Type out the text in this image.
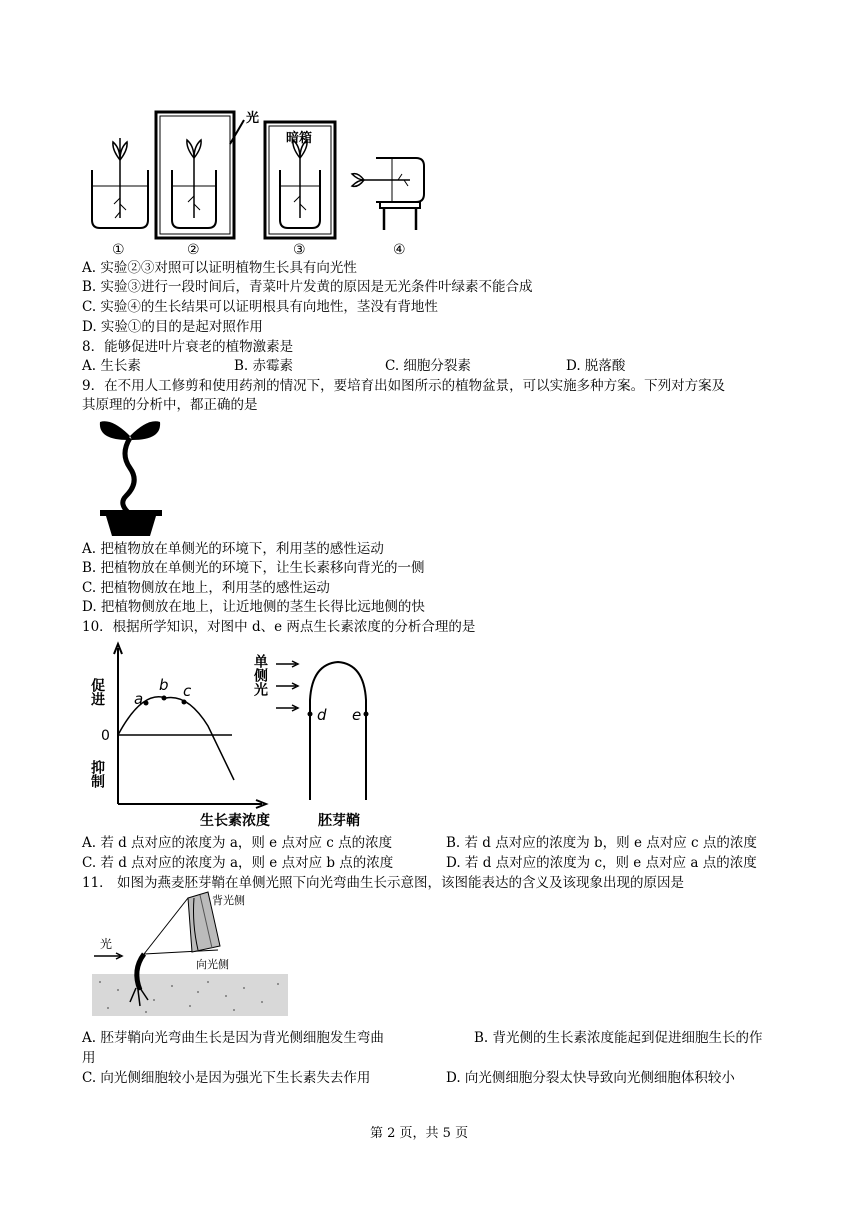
光
暗箱
①	②	③	④
A. 实验②③对照可以证明植物生长具有向光性
B. 实验③进行一段时间后，青菜叶片发黄的原因是无光条件叶绿素不能合成
C. 实验④的生长结果可以证明根具有向地性，茎没有背地性
D. 实验①的目的是起对照作用
8．能够促进叶片衰老的植物激素是
A. 生长素	B. 赤霉素	C. 细胞分裂素	D. 脱落酸
9．在不用人工修剪和使用药剂的情况下，要培育出如图所示的植物盆景，可以实施多种方案。下列对方案及
其原理的分析中，都正确的是
A. 把植物放在单侧光的环境下，利用茎的感性运动
B. 把植物放在单侧光的环境下，让生长素移向背光的一侧
C. 把植物侧放在地上，利用茎的感性运动
D. 把植物侧放在地上，让近地侧的茎生长得比远地侧的快
10．根据所学知识，对图中 d、e 两点生长素浓度的分析合理的是
a
b c
促进
0
抑制
生长素浓度
单侧光
d e
胚芽鞘
A. 若 d 点对应的浓度为 a，则 e 点对应 c 点的浓度	B. 若 d 点对应的浓度为 b，则 e 点对应 c 点的浓度
C. 若 d 点对应的浓度为 a，则 e 点对应 b 点的浓度	D. 若 d 点对应的浓度为 c，则 e 点对应 a 点的浓度
11． 如图为燕麦胚芽鞘在单侧光照下向光弯曲生长示意图，该图能表达的含义及该现象出现的原因是
光
背光侧
向光侧
A. 胚芽鞘向光弯曲生长是因为背光侧细胞发生弯曲	B. 背光侧的生长素浓度能起到促进细胞生长的作
用
C. 向光侧细胞较小是因为强光下生长素失去作用	D. 向光侧细胞分裂太快导致向光侧细胞体积较小
第 2 页，共 5 页
